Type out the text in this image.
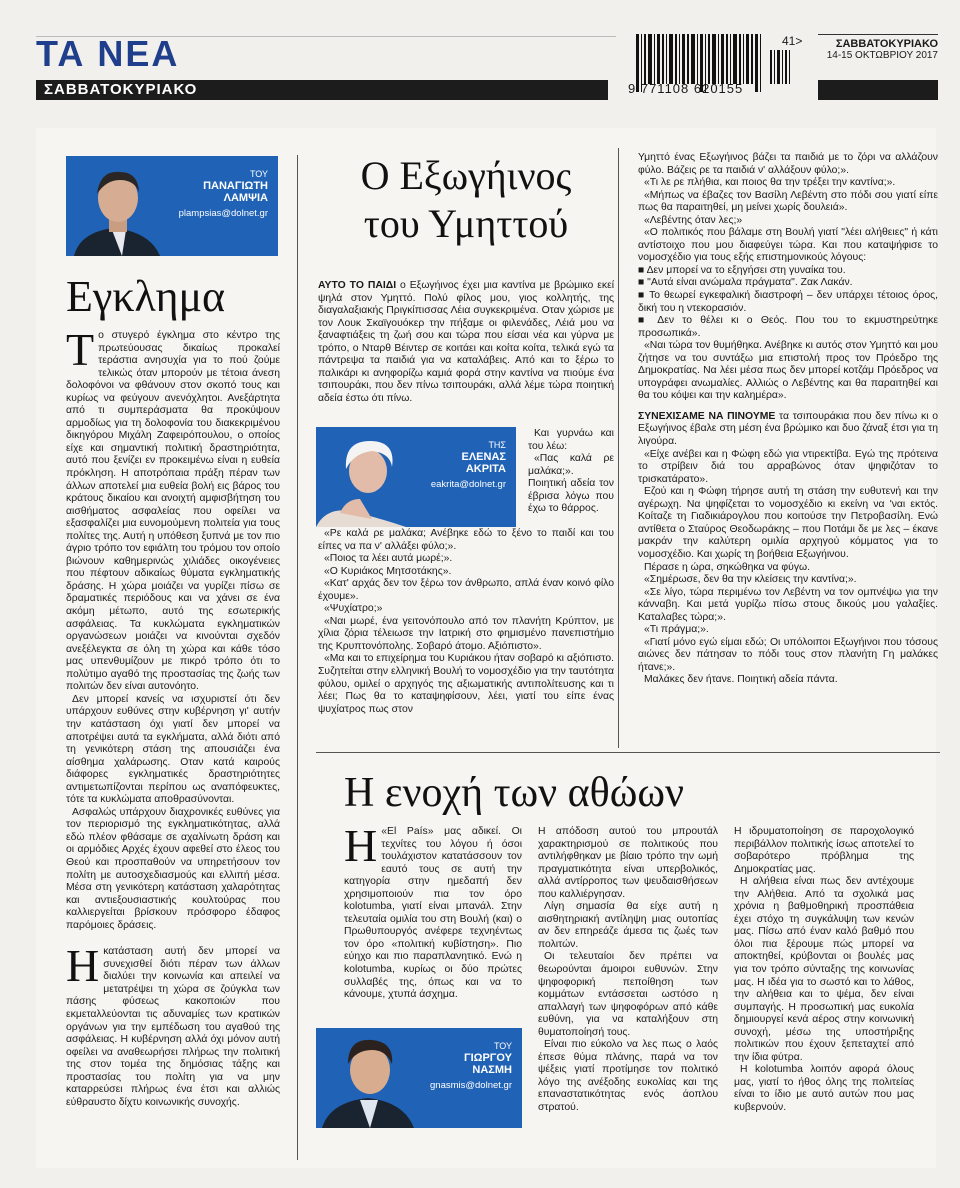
ΤΑ ΝΕΑ
ΣΑΒΒΑΤΟΚΥΡΙΑΚΟ	9 771108 620155
41>	ΣΑΒΒΑΤΟΚΥΡΙΑΚΟ
14-15 ΟΚΤΩΒΡΙΟΥ 2017
ΤΟΥ
ΠΑΝΑΓΙΩΤΗ
ΛΑΜΨΙΑ
plampsias@dolnet.gr
Εγκλημα
Τ ο στυγερό έγκλημα στο κέντρο της πρωτεύουσας δικαίως προκαλεί τεράστια ανησυχία για το πού ζούμε τελικώς όταν μπορούν με τέτοια άνεση δολοφόνοι να φθάνουν στον σκοπό τους και κυρίως να φεύγουν ανενόχλητοι. Ανεξάρτητα από τι συμπεράσματα θα προκύψουν αρμοδίως για τη δολοφονία του διακεκριμένου δικηγόρου Μιχάλη Ζαφειρόπουλου, ο οποίος είχε και σημαντική πολιτική δραστηριότητα, αυτό που ξενίζει εν προκειμένω είναι η ευθεία πρόκληση. Η αποτρόπαια πράξη πέραν των άλλων αποτελεί μια ευθεία βολή εις βάρος του κράτους δικαίου και ανοιχτή αμφισβήτηση του αισθήματος ασφαλείας που οφείλει να εξασφαλίζει μια ευνομούμενη πολιτεία για τους πολίτες της. Αυτή η υπόθεση ξυπνά με τον πιο άγριο τρόπο τον εφιάλτη του τρόμου τον οποίο βιώνουν καθημερινώς χιλιάδες οικογένειες που πέφτουν αδικαίως θύματα εγκληματικής δράσης. Η χώρα μοιάζει να γυρίζει πίσω σε δραματικές περιόδους και να χάνει σε ένα ακόμη μέτωπο, αυτό της εσωτερικής ασφάλειας. Τα κυκλώματα εγκληματικών οργανώσεων μοιάζει να κινούνται σχεδόν ανεξέλεγκτα σε όλη τη χώρα και κάθε τόσο μας υπενθυμίζουν με πικρό τρόπο ότι το πολύτιμο αγαθό της προστασίας της ζωής των πολιτών δεν είναι αυτονόητο.

Δεν μπορεί κανείς να ισχυριστεί ότι δεν υπάρχουν ευθύνες στην κυβέρνηση γι' αυτήν την κατάσταση όχι γιατί δεν μπορεί να αποτρέψει αυτά τα εγκλήματα, αλλά διότι από τη γενικότερη στάση της απουσιάζει ένα αίσθημα χαλάρωσης. Οταν κατά καιρούς διάφορες εγκληματικές δραστηριότητες αντιμετωπίζονται περίπου ως αναπόφευκτες, τότε τα κυκλώματα αποθρασύνονται.

Ασφαλώς υπάρχουν διαχρονικές ευθύνες για τον περιορισμό της εγκληματικότητας, αλλά εδώ πλέον φθάσαμε σε αχαλίνωτη δράση και οι αρμόδιες Αρχές έχουν αφεθεί στο έλεος του Θεού και προσπαθούν να υπηρετήσουν τον πολίτη με αυτοσχεδιασμούς και ελλιπή μέσα. Μέσα στη γενικότερη κατάσταση χαλαρότητας και αντιεξουσιαστικής κουλτούρας που καλλιεργείται βρίσκουν πρόσφορο έδαφος παρόμοιες δράσεις.

Η κατάσταση αυτή δεν μπορεί να συνεχισθεί διότι πέραν των άλλων διαλύει την κοινωνία και απειλεί να μετατρέψει τη χώρα σε ζούγκλα των πάσης φύσεως κακοποιών που εκμεταλλεύονται τις αδυναμίες των κρατικών οργάνων για την εμπέδωση του αγαθού της ασφάλειας. Η κυβέρνηση αλλά όχι μόνον αυτή οφείλει να αναθεωρήσει πλήρως την πολιτική της στον τομέα της δημόσιας τάξης και προστασίας του πολίτη για να μην καταρρεύσει πλήρως ένα έτσι και αλλιώς εύθραυστο δίχτυ κοινωνικής συνοχής.

Ο Εξωγήινος
του Υμηττού

ΑΥΤΟ ΤΟ ΠΑΙΔΙ ο Εξωγήινος έχει μια καντίνα με βρώμικο εκεί ψηλά στον Υμηττό. Πολύ φίλος μου, γιος κολλητής, της διαγαλαξιακής Πριγκίπισσας Λέια συγκεκριμένα. Οταν χώρισε με τον Λουκ Σκαϊγουόκερ την πήξαμε οι φιλενάδες, Λέιά μου να ξαναφτιάξεις τη ζωή σου και τώρα που είσαι νέα και γύρνα με τρόπο, ο Νταρθ Βέιντερ σε κοιτάει και κοίτα κοίτα, τελικά εγώ τα πάντρεψα τα παιδιά για να καταλάβεις. Από και το ξέρω το παλικάρι κι ανηφορίζω καμιά φορά στην καντίνα να πιούμε ένα τσιπουράκι, που δεν πίνω τσιπουράκι, αλλά λέμε τώρα ποιητική αδεία έστω ότι πίνω.

ΤΗΣ
ΕΛΕΝΑΣ
ΑΚΡΙΤΑ
eakrita@dolnet.gr

Και γυρνάω και του λέω:

«Πας καλά ρε μαλάκα;». Ποιητική αδεία τον έβρισα λόγω που έχω το θάρρος.

«Ρε καλά ρε μαλάκα; Ανέβηκε εδώ το ξένο το παιδί και του είπες να πα ν' αλλάξει φύλο;».

«Ποιος τα λέει αυτά μωρέ;».

«Ο Κυριάκος Μητσοτάκης».

«Κατ' αρχάς δεν τον ξέρω τον άνθρωπο, απλά έναν κοινό φίλο έχουμε».

«Ψυχίατρο;»

«Ναι μωρέ, ένα γειτονόπουλο από τον πλανήτη Κρύπτον, με χίλια ζόρια τέλειωσε την Ιατρική στο φημισμένο πανεπιστήμιο της Κρυπτονόπολης. Σοβαρό άτομο. Αξιόπιστο».

«Μα και το επιχείρημα του Κυριάκου ήταν σοβαρό κι αξιόπιστο. Συζητείται στην ελληνική Βουλή το νομοσχέδιο για την ταυτότητα φύλου, ομιλεί ο αρχηγός της αξιωματικής αντιπολίτευσης και τι λέει; Πως θα το καταψηφίσουν, λέει, γιατί του είπε ένας ψυχίατρος πως στον

Υμηττό ένας Εξωγήινος βάζει τα παιδιά με το ζόρι να αλλάζουν φύλο. Βάζεις ρε τα παιδιά ν' αλλάξουν φύλο;».

«Τι λε ρε πλήθια, και ποιος θα την τρέξει την καντίνα;».

«Μήπως να έβαζες τον Βασίλη Λεβέντη στο πόδι σου γιατί είπε πως θα παραιτηθεί, μη μείνει χωρίς δουλειά».

«Λεβέντης όταν λες;»

«Ο πολιτικός που βάλαμε στη Βουλή γιατί "λέει αλήθειες" ή κάτι αντίστοιχο που μου διαφεύγει τώρα. Και που καταψήφισε το νομοσχέδιο για τους εξής επιστημονικούς λόγους:

■ Δεν μπορεί να το εξηγήσει στη γυναίκα του.

■ "Αυτά είναι ανώμαλα πράγματα". Ζακ Λακάν.

■ Το θεωρεί εγκεφαλική διαστροφή – δεν υπάρχει τέτοιος όρος, δική του η ντεκορασιόν.

■ Δεν το θέλει κι ο Θεός. Που του το εκμυστηρεύτηκε προσωπικά».

«Ναι τώρα τον θυμήθηκα. Ανέβηκε κι αυτός στον Υμηττό και μου ζήτησε να του συντάξω μια επιστολή προς τον Πρόεδρο της Δημοκρατίας. Να λέει μέσα πως δεν μπορεί κοτζάμ Πρόεδρος να υπογράφει ανωμαλίες. Αλλιώς ο Λεβέντης και θα παραιτηθεί και θα του κόψει και την καλημέρα».

ΣΥΝΕΧΙΣΑΜΕ ΝΑ ΠΙΝΟΥΜΕ τα τσιπουράκια που δεν πίνω κι ο Εξωγήινος έβαλε στη μέση ένα βρώμικο και δυο ζάναξ έτσι για τη λιγούρα.

«Είχε ανέβει και η Φώφη εδώ για ντιρεκτίβα. Εγώ της πρότεινα το στρίβειν διά του αρραβώνος όταν ψηφιζόταν το τρισκατάρατο».

Εζού και η Φώφη τήρησε αυτή τη στάση την ευθυτενή και την αγέρωχη. Να ψηφίζεται το νομοσχέδιο κι εκείνη να 'ναι εκτός. Κοίταζε τη Γιαδικιάρογλου που κοιτούσε την Πετροβασίλη. Ενώ αντίθετα ο Σταύρος Θεοδωράκης – που Ποτάμι δε με λες – έκανε μακράν την καλύτερη ομιλία αρχηγού κόμματος για το νομοσχέδιο. Και χωρίς τη βοήθεια Εξωγήινου.

Πέρασε η ώρα, σηκώθηκα να φύγω.

«Σημέρωσε, δεν θα την κλείσεις την καντίνα;».

«Σε λίγο, τώρα περιμένω τον Λεβέντη να τον ομπνέψω για την κάνναβη. Και μετά γυρίζω πίσω στους δικούς μου γαλαξίες. Καταλαβες τώρα;».

«Τι πράγμα;».

«Γιατί μόνο εγώ είμαι εδώ; Οι υπόλοιποι Εξωγήινοι που τόσους αιώνες δεν πάτησαν το πόδι τους στον πλανήτη Γη μαλάκες ήτανε;».

Μαλάκες δεν ήτανε. Ποιητική αδεία πάντα.

Η ενοχή των αθώων
Η «El País» μας αδικεί. Οι τεχνίτες του λόγου ή όσοι τουλάχιστον κατατάσσουν τον εαυτό τους σε αυτή την κατηγορία στην ημεδαπή δεν χρησιμοποιούν πια τον όρο kolotumba, γιατί είναι μπανάλ. Στην τελευταία ομιλία του στη Βουλή (και) ο Πρωθυπουργός ανέφερε τεχνηέντως τον όρο «πολιτική κυβίστηση». Πιο εύηχο και πιο παραπλανητικό. Ενώ η kolotumba, κυρίως οι δύο πρώτες συλλαβές της, όπως και να το κάνουμε, χτυπά άσχημα.

ΤΟΥ
ΓΙΩΡΓΟΥ
ΝΑΣΜΗ
gnasmis@dolnet.gr

Η απόδοση αυτού του μπρουτάλ χαρακτηρισμού σε πολιτικούς που αντιλήφθηκαν με βίαιο τρόπο την ωμή πραγματικότητα είναι υπερβολικός, αλλά αντίρροπος των ψευδαισθήσεων που καλλιέργησαν.

Λίγη σημασία θα είχε αυτή η αισθητηριακή αντίληψη μιας ουτοπίας αν δεν επηρεάζε άμεσα τις ζωές των πολιτών.

Οι τελευταίοι δεν πρέπει να θεωρούνται άμοιροι ευθυνών. Στην ψηφοφορική πεποίθηση των κομμάτων εντάσσεται ωστόσο η απαλλαγή των ψηφοφόρων από κάθε ευθύνη, για να καταλήξουν στη θυματοποίησή τους.

Είναι πιο εύκολο να λες πως ο λαός έπεσε θύμα πλάνης, παρά να τον ψέξεις γιατί προτίμησε τον πολιτικό λόγο της ανέξοδης ευκολίας και της επαναστατικότητας ενός άοπλου στρατού.

Η ιδρυματοποίηση σε παροχολογικό περιβάλλον πολιτικής ίσως αποτελεί το σοβαρότερο πρόβλημα της Δημοκρατίας μας.

Η αλήθεια είναι πως δεν αντέχουμε την Αλήθεια. Από τα σχολικά μας χρόνια η βαθμοθηρική προσπάθεια έχει στόχο τη συγκάλυψη των κενών μας. Πίσω από έναν καλό βαθμό που όλοι πια ξέρουμε πώς μπορεί να αποκτηθεί, κρύβονται οι βουλές μας για τον τρόπο σύνταξης της κοινωνίας μας. Η ιδέα για το σωστό και το λάθος, την αλήθεια και το ψέμα, δεν είναι συμπαγής. Η προσωπική μας ευκολία δημιουργεί κενά αέρος στην κοινωνική συνοχή, μέσω της υποστήριξης πολιτικών που έχουν ξεπεταχτεί από την ίδια φύτρα.

Η kolotumba λοιπόν αφορά όλους μας, γιατί το ήθος όλης της πολιτείας είναι το ίδιο με αυτό αυτών που μας κυβερνούν.
